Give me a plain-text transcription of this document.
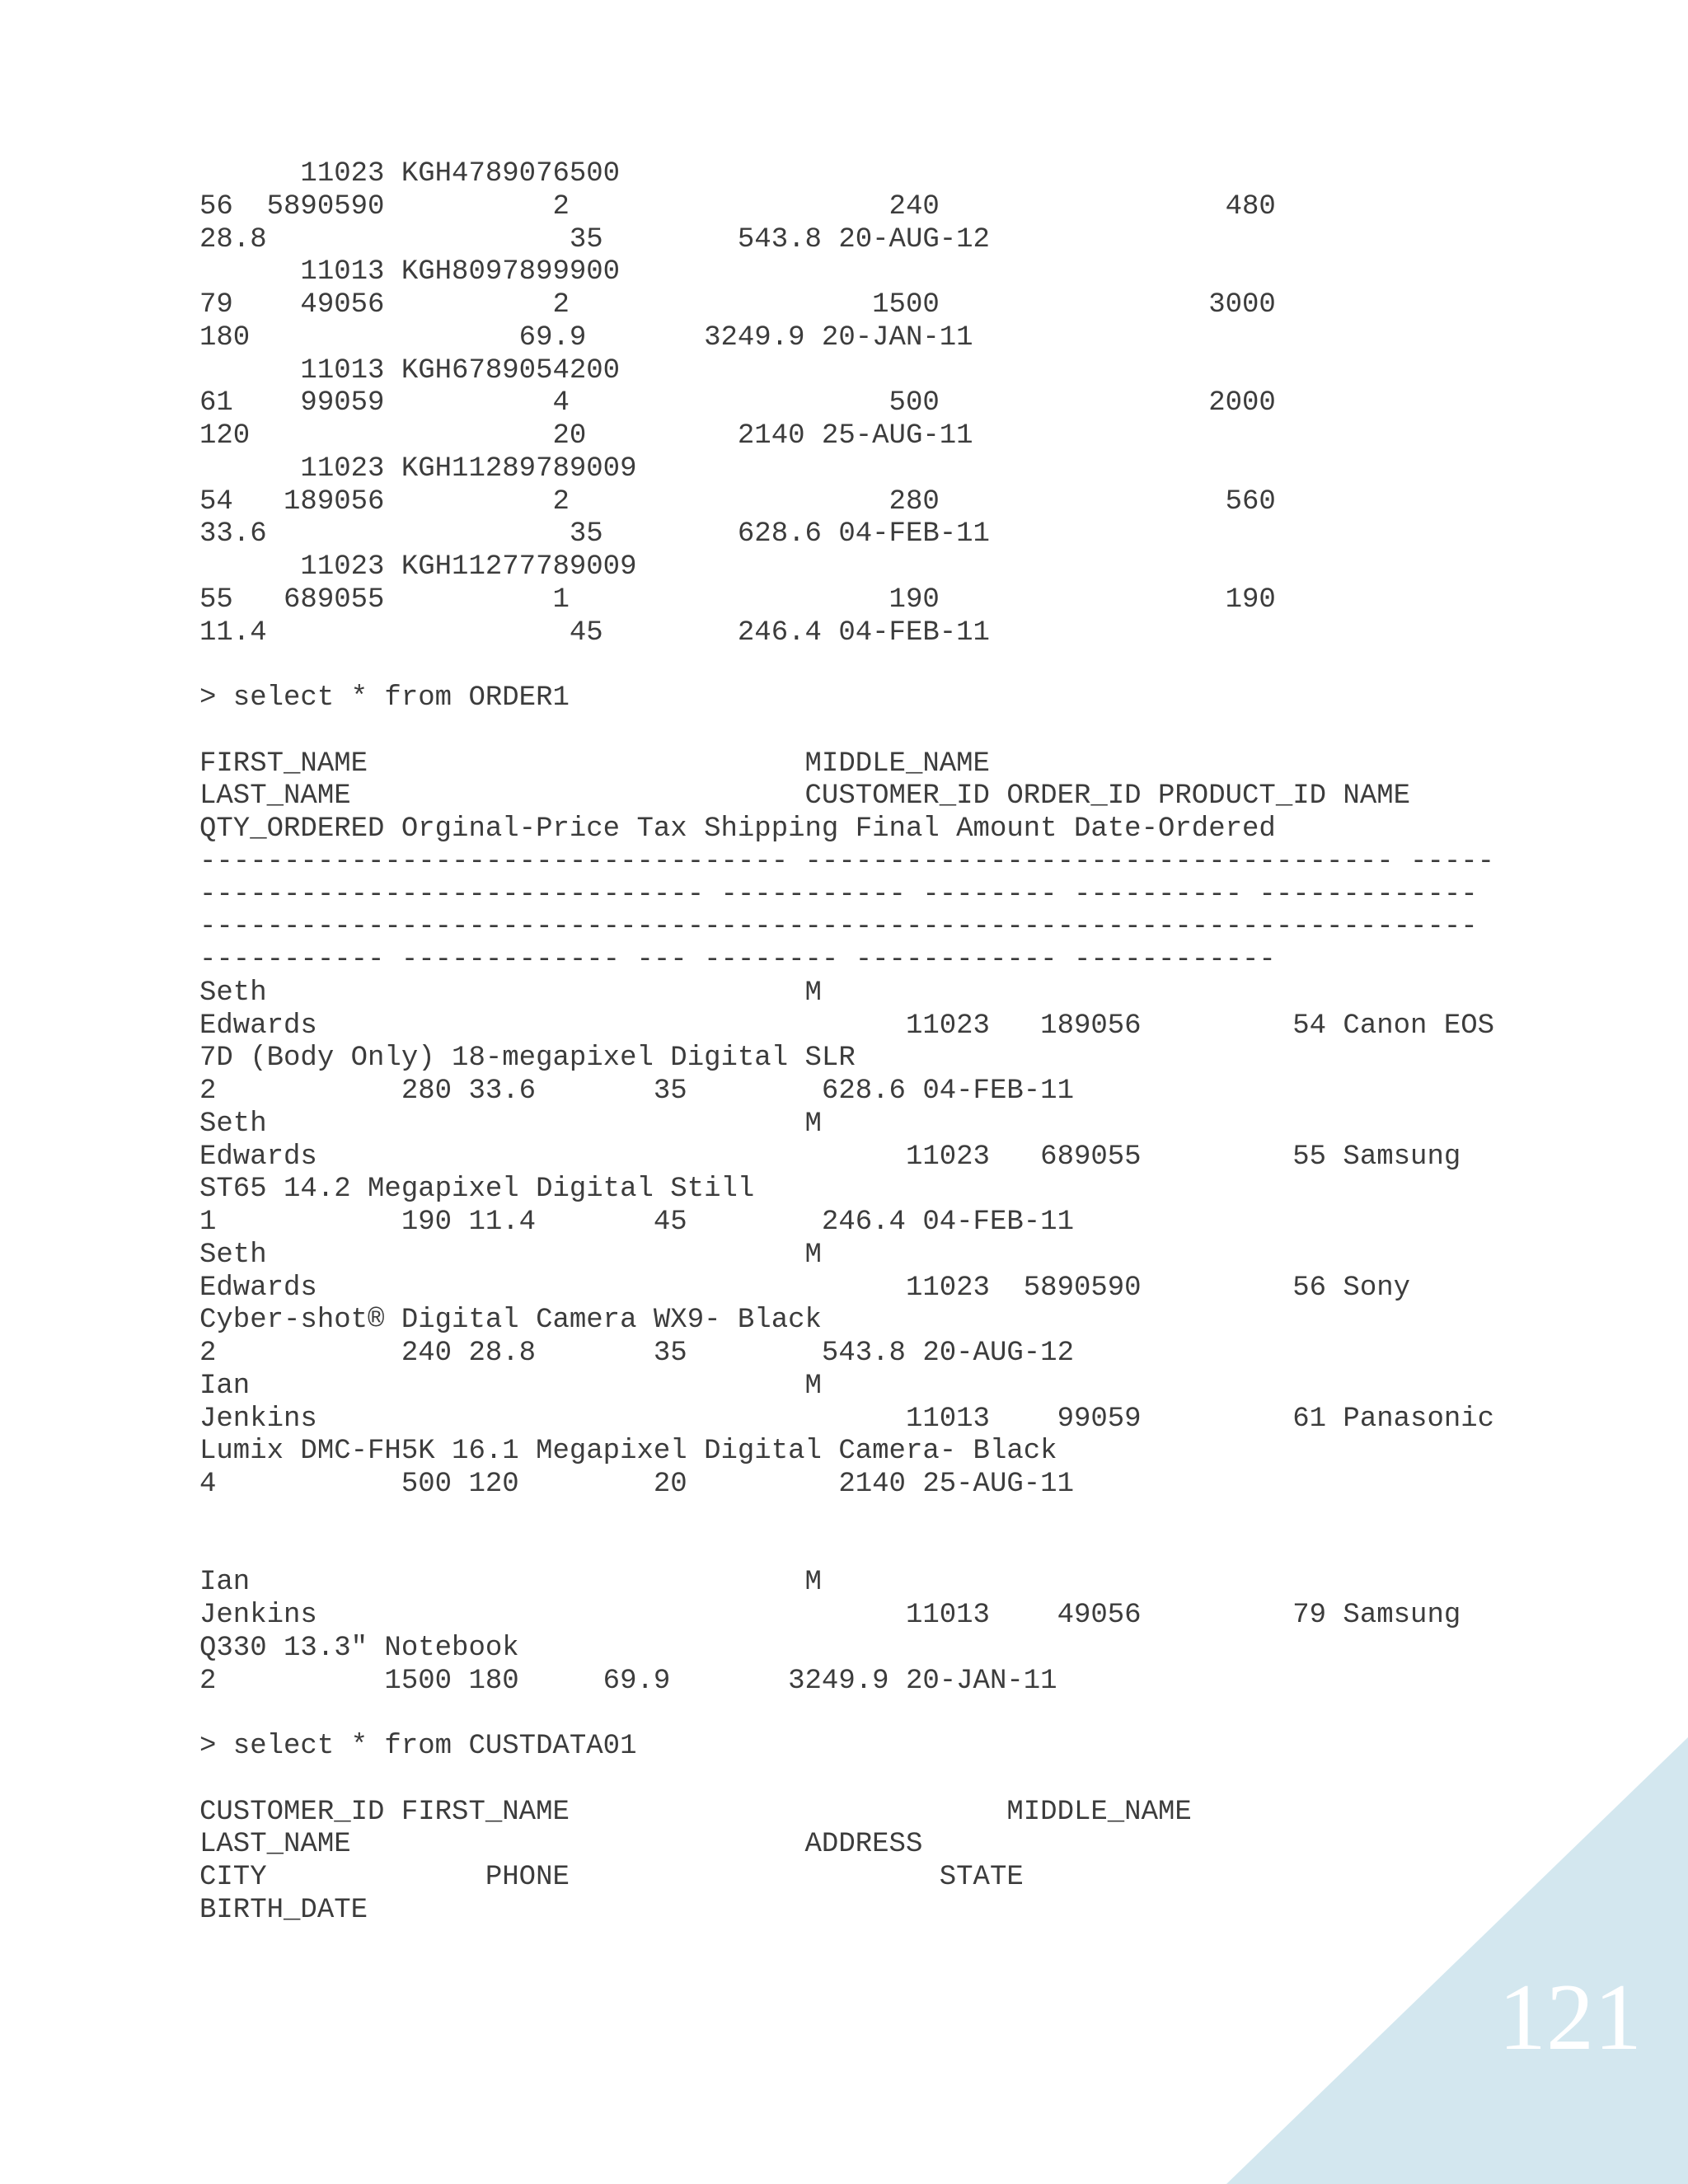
11023 KGH4789076500
56  5890590          2                   240                 480
28.8                  35        543.8 20-AUG-12
11013 KGH8097899900
79    49056          2                  1500                3000
180                69.9       3249.9 20-JAN-11
11013 KGH6789054200
61    99059          4                   500                2000
120                  20         2140 25-AUG-11
11023 KGH11289789009
54   189056          2                   280                 560
33.6                  35        628.6 04-FEB-11
11023 KGH11277789009
55   689055          1                   190                 190
11.4                  45        246.4 04-FEB-11
> select * from ORDER1
FIRST_NAME                          MIDDLE_NAME
LAST_NAME                           CUSTOMER_ID ORDER_ID PRODUCT_ID NAME
QTY_ORDERED Orginal-Price Tax Shipping Final Amount Date-Ordered
----------------------------------- ----------------------------------- -----
------------------------------ ----------- -------- ---------- -------------
----------------------------------------------------------------------------
----------- ------------- --- -------- ------------ ------------
Seth                                M
Edwards                                   11023   189056         54 Canon EOS
7D (Body Only) 18-megapixel Digital SLR
2           280 33.6       35        628.6 04-FEB-11
Seth                                M
Edwards                                   11023   689055         55 Samsung
ST65 14.2 Megapixel Digital Still
1           190 11.4       45        246.4 04-FEB-11
Seth                                M
Edwards                                   11023  5890590         56 Sony
Cyber-shot® Digital Camera WX9- Black
2           240 28.8       35        543.8 20-AUG-12
Ian                                 M
Jenkins                                   11013    99059         61 Panasonic
Lumix DMC-FH5K 16.1 Megapixel Digital Camera- Black
4           500 120        20         2140 25-AUG-11
Ian                                 M
Jenkins                                   11013    49056         79 Samsung
Q330 13.3" Notebook
2          1500 180     69.9       3249.9 20-JAN-11
> select * from CUSTDATA01
CUSTOMER_ID FIRST_NAME                          MIDDLE_NAME
LAST_NAME                           ADDRESS
CITY             PHONE                      STATE
BIRTH_DATE
121
